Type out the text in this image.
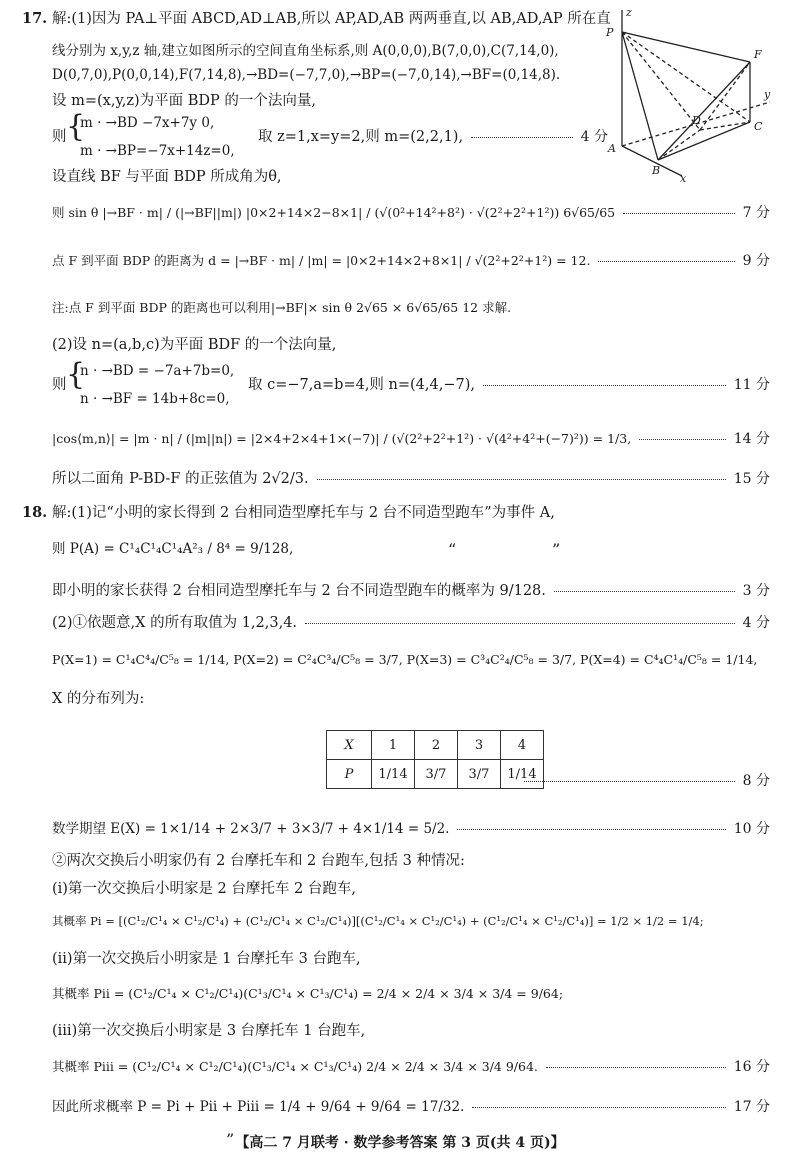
17. 解:(1)因为 PA⊥平面 ABCD,AD⊥AB,所以 AP,AD,AB 两两垂直,以 AB,AD,AP 所在直
线分别为 x,y,z 轴,建立如图所示的空间直角坐标系,则 A(0,0,0),B(7,0,0),C(7,14,0),
D(0,7,0),P(0,0,14),F(7,14,8),→BD=(−7,7,0),→BP=(−7,0,14),→BF=(0,14,8).
设 m=(x,y,z)为平面 BDP 的一个法向量,
则 {
m · →BD −7x+7y 0,
m · →BP=−7x+14z=0,
取 z=1,x=y=2,则 m=(2,2,1),	4 分
设直线 BF 与平面 BDP 所成角为θ,
则 sin θ |→BF · m| / (|→BF||m|) |0×2+14×2−8×1| / (√(0²+14²+8²) · √(2²+2²+1²)) 6√65/65	7 分
点 F 到平面 BDP 的距离为 d = |→BF · m| / |m| = |0×2+14×2+8×1| / √(2²+2²+1²) = 12.	9 分
注:点 F 到平面 BDP 的距离也可以利用|→BF|× sin θ 2√65 × 6√65/65 12 求解.
(2)设 n=(a,b,c)为平面 BDF 的一个法向量,
则 {
n · →BD = −7a+7b=0,
n · →BF = 14b+8c=0,
取 c=−7,a=b=4,则 n=(4,4,−7),	11 分
|cos⟨m,n⟩| = |m · n| / (|m||n|) = |2×4+2×4+1×(−7)| / (√(2²+2²+1²) · √(4²+4²+(−7)²)) = 1/3,	14 分
所以二面角 P-BD-F 的正弦值为 2√2/3.	15 分
z
P
F
y
D	C
A
B
x
18. 解:(1)记“小明的家长得到 2 台相同造型摩托车与 2 台不同造型跑车”为事件 A,
则 P(A) = C¹₄C¹₄C¹₄A²₃ / 8⁴ = 9/128,	“	”
即小明的家长获得 2 台相同造型摩托车与 2 台不同造型跑车的概率为 9/128.	3 分
(2)①依题意,X 的所有取值为 1,2,3,4.	4 分
P(X=1) = C¹₄C⁴₄/C⁵₈ = 1/14, P(X=2) = C²₄C³₄/C⁵₈ = 3/7, P(X=3) = C³₄C²₄/C⁵₈ = 3/7, P(X=4) = C⁴₄C¹₄/C⁵₈ = 1/14,
X 的分布列为:
X	1	2	3	4
P	1/14	3/7	3/7	1/14	8 分
数学期望 E(X) = 1×1/14 + 2×3/7 + 3×3/7 + 4×1/14 = 5/2.	10 分
②两次交换后小明家仍有 2 台摩托车和 2 台跑车,包括 3 种情况:
(ⅰ)第一次交换后小明家是 2 台摩托车 2 台跑车,
其概率 Pⅰ = [(C¹₂/C¹₄ × C¹₂/C¹₄) + (C¹₂/C¹₄ × C¹₂/C¹₄)][(C¹₂/C¹₄ × C¹₂/C¹₄) + (C¹₂/C¹₄ × C¹₂/C¹₄)] = 1/2 × 1/2 = 1/4;
(ⅱ)第一次交换后小明家是 1 台摩托车 3 台跑车,
其概率 Pⅱ = (C¹₂/C¹₄ × C¹₂/C¹₄)(C¹₃/C¹₄ × C¹₃/C¹₄) = 2/4 × 2/4 × 3/4 × 3/4 = 9/64;
(ⅲ)第一次交换后小明家是 3 台摩托车 1 台跑车,
其概率 Pⅲ = (C¹₂/C¹₄ × C¹₂/C¹₄)(C¹₃/C¹₄ × C¹₃/C¹₄) 2/4 × 2/4 × 3/4 × 3/4 9/64.	16 分
因此所求概率 P = Pⅰ + Pⅱ + Pⅲ = 1/4 + 9/64 + 9/64 = 17/32.	17 分
” 【高二 7 月联考 · 数学参考答案 第 3 页(共 4 页)】
